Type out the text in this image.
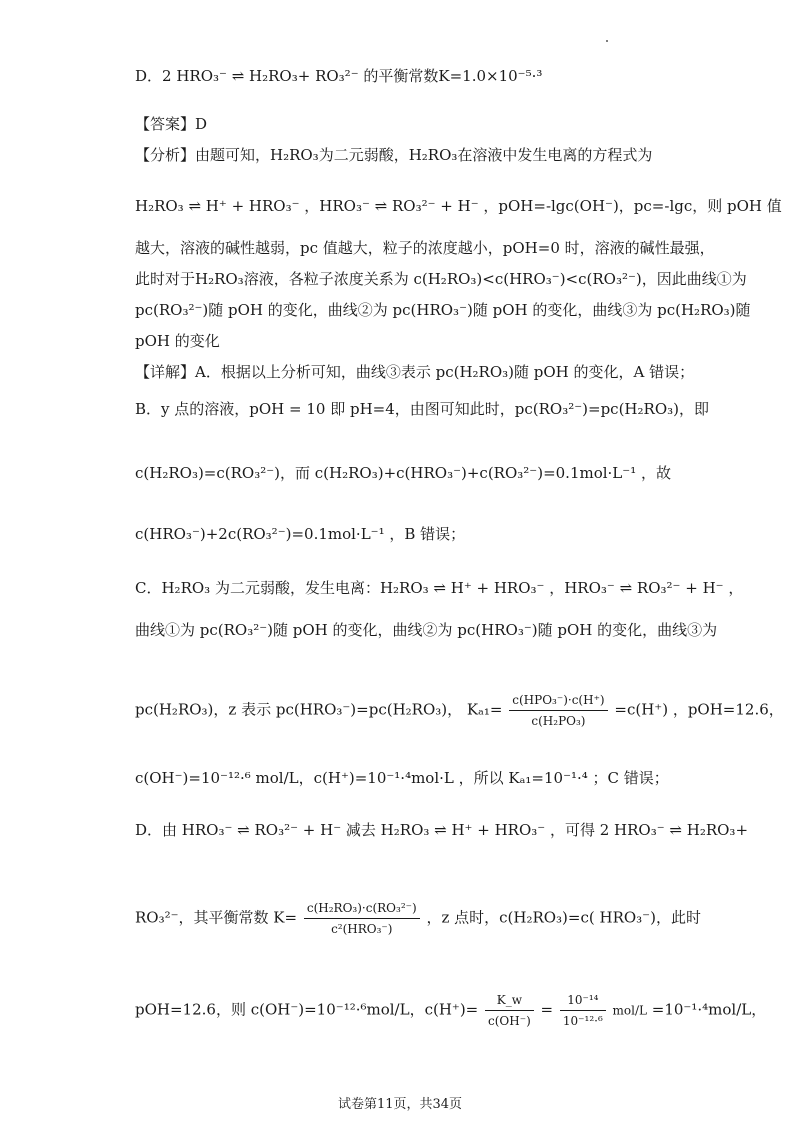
D．2 HRO₃⁻ ⇌ H₂RO₃+ RO₃²⁻ 的平衡常数K=1.0×10⁻⁵·³
【答案】D
【分析】由题可知，H₂RO₃为二元弱酸，H₂RO₃在溶液中发生电离的方程式为
H₂RO₃ ⇌ H⁺ + HRO₃⁻ ，HRO₃⁻ ⇌ RO₃²⁻ + H⁻ ，pOH=-lgc(OH⁻)，pc=-lgc，则 pOH 值
越大，溶液的碱性越弱，pc 值越大，粒子的浓度越小，pOH=0 时，溶液的碱性最强，
此时对于H₂RO₃溶液，各粒子浓度关系为 c(H₂RO₃)<c(HRO₃⁻)<c(RO₃²⁻)，因此曲线①为
pc(RO₃²⁻)随 pOH 的变化，曲线②为 pc(HRO₃⁻)随 pOH 的变化，曲线③为 pc(H₂RO₃)随
pOH 的变化
【详解】A．根据以上分析可知，曲线③表示 pc(H₂RO₃)随 pOH 的变化，A 错误；
B．y 点的溶液，pOH = 10 即 pH=4，由图可知此时，pc(RO₃²⁻)=pc(H₂RO₃)，即
c(H₂RO₃)=c(RO₃²⁻)，而 c(H₂RO₃)+c(HRO₃⁻)+c(RO₃²⁻)=0.1mol·L⁻¹ ，故
c(HRO₃⁻)+2c(RO₃²⁻)=0.1mol·L⁻¹ ，B 错误；
C．H₂RO₃ 为二元弱酸，发生电离：H₂RO₃ ⇌ H⁺ + HRO₃⁻ ，HRO₃⁻ ⇌ RO₃²⁻ + H⁻ ，
曲线①为 pc(RO₃²⁻)随 pOH 的变化，曲线②为 pc(HRO₃⁻)随 pOH 的变化，曲线③为
c(OH⁻)=10⁻¹²·⁶ mol/L，c(H⁺)=10⁻¹·⁴mol·L ，所以 Kₐ₁=10⁻¹·⁴ ；C 错误；
D．由 HRO₃⁻ ⇌ RO₃²⁻ + H⁻ 减去 H₂RO₃ ⇌ H⁺ + HRO₃⁻ ，可得 2 HRO₃⁻ ⇌ H₂RO₃+
pc(H₂RO₃)，z 表示 pc(HRO₃⁻)=pc(H₂RO₃)， $K_{a1}= \frac{\text{c(HPO₃⁻)·c(H⁺)}}{\text{c(H₂PO₃)}} =c(H^+)$ ，pOH=12.6，
RO₃²⁻，其平衡常数 $K= \frac{\text{c(H₂RO₃)·c(RO₃²⁻)}}{\text{c²(HRO₃⁻)}}$ ，z 点时，c(H₂RO₃)=c( HRO₃⁻)，此时
pOH=12.6，则 c(OH⁻)=10⁻¹²·⁶mol/L，$c(H^+)= \frac{K\_w}{c(OH^-)} = \frac{\text{10⁻¹⁴}}{\text{10⁻¹²·⁶}} mol/L =10^{-1}\cdot^4mol/L$，
试卷第11页，共34页
